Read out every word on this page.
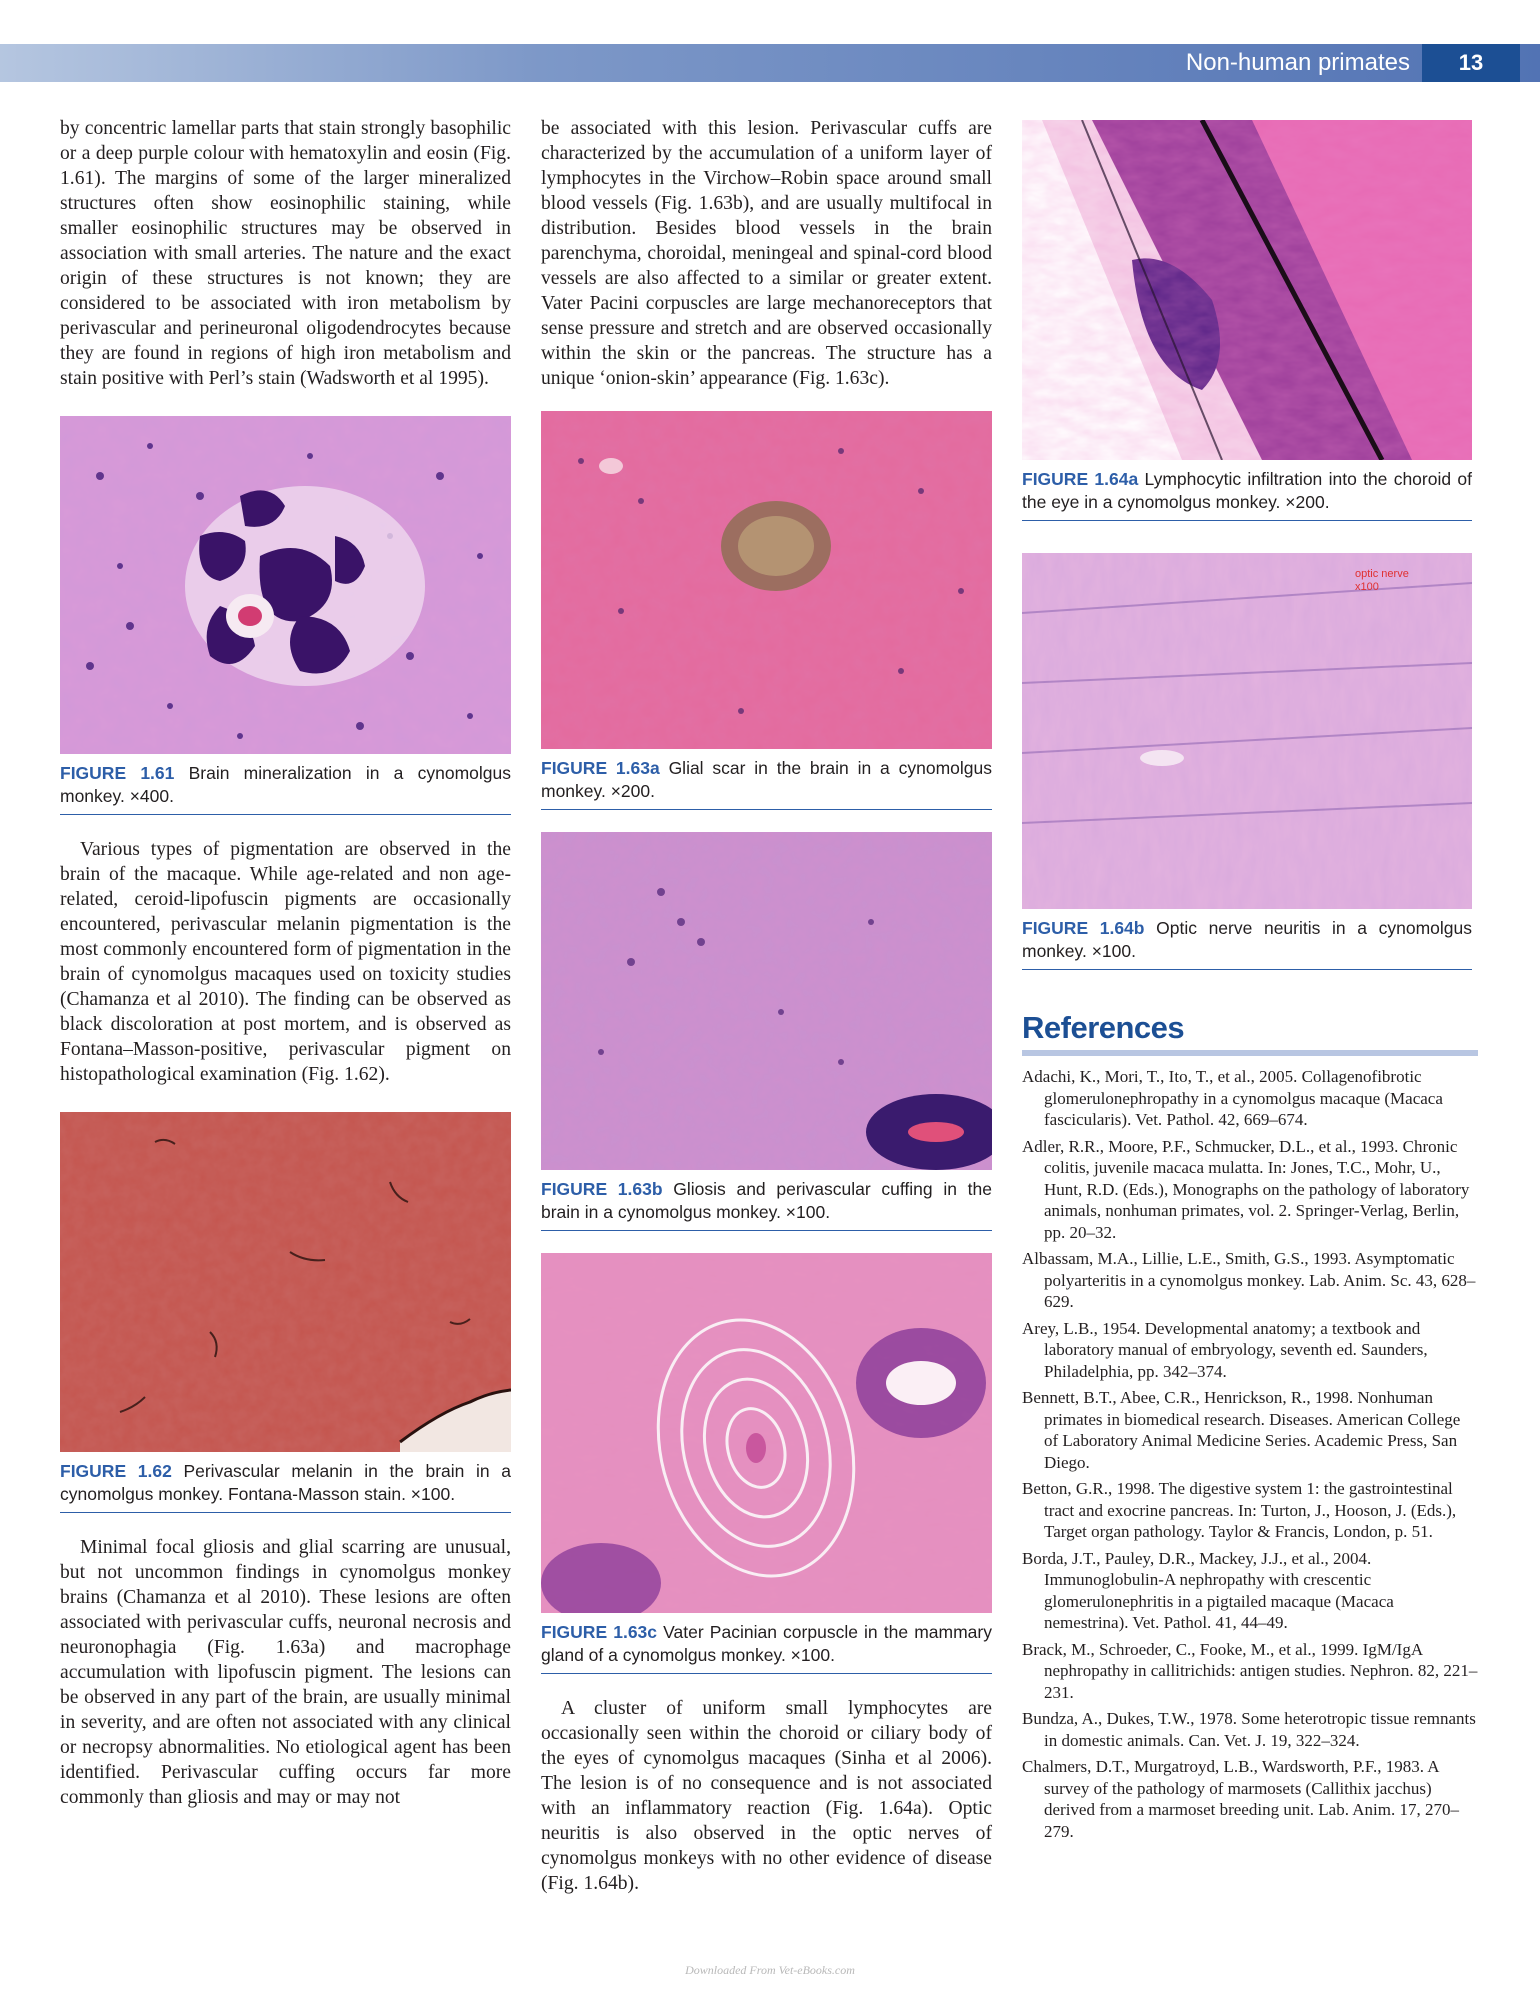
Non-human primates	13

by concentric lamellar parts that stain strongly basophilic or a deep purple colour with hematoxylin and eosin (Fig. 1.61). The margins of some of the larger mineralized structures often show eosinophilic staining, while smaller eosinophilic structures may be observed in association with small arteries. The nature and the exact origin of these structures is not known; they are considered to be associated with iron metabolism by perivascular and perineuronal oligodendrocytes because they are found in regions of high iron metabolism and stain positive with Perl’s stain (Wadsworth et al 1995).

FIGURE 1.61 Brain mineralization in a cynomolgus monkey. ×400.

Various types of pigmentation are observed in the brain of the macaque. While age-related and non age-related, ceroid-lipofuscin pigments are occasionally encountered, perivascular melanin pigmentation is the most commonly encountered form of pigmentation in the brain of cynomolgus macaques used on toxicity studies (Chamanza et al 2010). The finding can be observed as black discoloration at post mortem, and is observed as Fontana–Masson-positive, perivascular pigment on histopathological examination (Fig. 1.62).

FIGURE 1.62 Perivascular melanin in the brain in a cynomolgus monkey. Fontana-Masson stain. ×100.

Minimal focal gliosis and glial scarring are unusual, but not uncommon findings in cynomolgus monkey brains (Chamanza et al 2010). These lesions are often associated with perivascular cuffs, neuronal necrosis and neuronophagia (Fig. 1.63a) and macrophage accumulation with lipofuscin pigment. The lesions can be observed in any part of the brain, are usually minimal in severity, and are often not associated with any clinical or necropsy abnormalities. No etiological agent has been identified. Perivascular cuffing occurs far more commonly than gliosis and may or may not

be associated with this lesion. Perivascular cuffs are characterized by the accumulation of a uniform layer of lymphocytes in the Virchow–Robin space around small blood vessels (Fig. 1.63b), and are usually multifocal in distribution. Besides blood vessels in the brain parenchyma, choroidal, meningeal and spinal-cord blood vessels are also affected to a similar or greater extent. Vater Pacini corpuscles are large mechanoreceptors that sense pressure and stretch and are observed occasionally within the skin or the pancreas. The structure has a unique ‘onion-skin’ appearance (Fig. 1.63c).

FIGURE 1.63a Glial scar in the brain in a cynomolgus monkey. ×200.
FIGURE 1.63b Gliosis and perivascular cuffing in the brain in a cynomolgus monkey. ×100.
FIGURE 1.63c Vater Pacinian corpuscle in the mammary gland of a cynomolgus monkey. ×100.

A cluster of uniform small lymphocytes are occasionally seen within the choroid or ciliary body of the eyes of cynomolgus macaques (Sinha et al 2006). The lesion is of no consequence and is not associated with an inflammatory reaction (Fig. 1.64a). Optic neuritis is also observed in the optic nerves of cynomolgus monkeys with no other evidence of disease (Fig. 1.64b).

FIGURE 1.64a Lymphocytic infiltration into the choroid of the eye in a cynomolgus monkey. ×200.
optic nerve
x100
FIGURE 1.64b Optic nerve neuritis in a cynomolgus monkey. ×100.
References
Adachi, K., Mori, T., Ito, T., et al., 2005. Collagenofibrotic glomerulonephropathy in a cynomolgus macaque (Macaca fascicularis). Vet. Pathol. 42, 669–674.
Adler, R.R., Moore, P.F., Schmucker, D.L., et al., 1993. Chronic colitis, juvenile macaca mulatta. In: Jones, T.C., Mohr, U., Hunt, R.D. (Eds.), Monographs on the pathology of laboratory animals, nonhuman primates, vol. 2. Springer-Verlag, Berlin, pp. 20–32.
Albassam, M.A., Lillie, L.E., Smith, G.S., 1993. Asymptomatic polyarteritis in a cynomolgus monkey. Lab. Anim. Sc. 43, 628–629.
Arey, L.B., 1954. Developmental anatomy; a textbook and laboratory manual of embryology, seventh ed. Saunders, Philadelphia, pp. 342–374.
Bennett, B.T., Abee, C.R., Henrickson, R., 1998. Nonhuman primates in biomedical research. Diseases. American College of Laboratory Animal Medicine Series. Academic Press, San Diego.
Betton, G.R., 1998. The digestive system 1: the gastrointestinal tract and exocrine pancreas. In: Turton, J., Hooson, J. (Eds.), Target organ pathology. Taylor & Francis, London, p. 51.
Borda, J.T., Pauley, D.R., Mackey, J.J., et al., 2004. Immunoglobulin-A nephropathy with crescentic glomerulonephritis in a pigtailed macaque (Macaca nemestrina). Vet. Pathol. 41, 44–49.
Brack, M., Schroeder, C., Fooke, M., et al., 1999. IgM/IgA nephropathy in callitrichids: antigen studies. Nephron. 82, 221–231.
Bundza, A., Dukes, T.W., 1978. Some heterotropic tissue remnants in domestic animals. Can. Vet. J. 19, 322–324.
Chalmers, D.T., Murgatroyd, L.B., Wardsworth, P.F., 1983. A survey of the pathology of marmosets (Callithix jacchus) derived from a marmoset breeding unit. Lab. Anim. 17, 270–279.
Downloaded From Vet-eBooks.com
